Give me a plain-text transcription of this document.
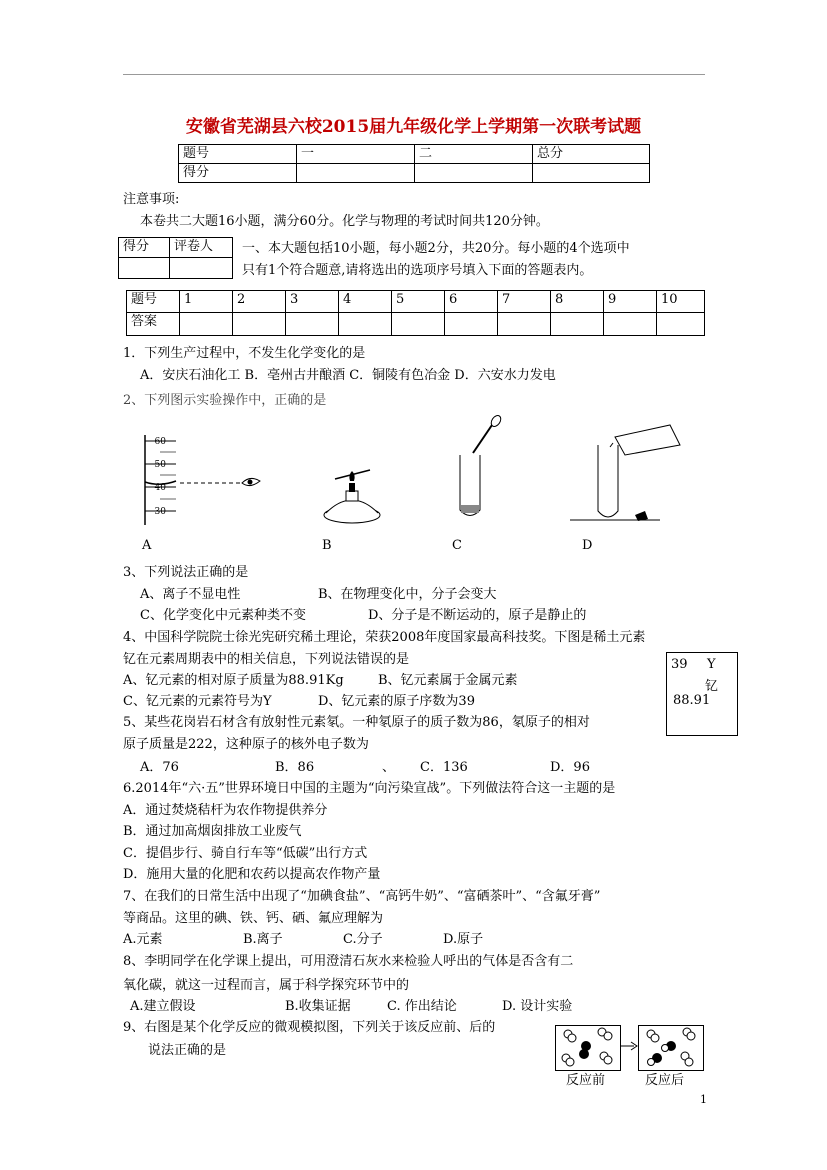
安徽省芜湖县六校2015届九年级化学上学期第一次联考试题
题号	一	二	总分
得分			
注意事项:
本卷共二大题16小题，满分60分。化学与物理的考试时间共120分钟。
得分	评卷人
	一、本大题包括10小题，每小题2分，共20分。每小题的4个选项中
只有1个符合题意,请将选出的选项序号填入下面的答题表内。
题号	1	2	3	4	5	6	7	8	9	10
答案										
1．下列生产过程中，不发生化学变化的是
A．安庆石油化工 B．亳州古井酿酒 C．铜陵有色冶金 D．六安水力发电
2、下列图示实验操作中，正确的是
60
50
40
30
A	B	C	D
3、下列说法正确的是
A、离子不显电性	B、在物理变化中，分子会变大
C、化学变化中元素种类不变	D、分子是不断运动的，原子是静止的
4、中国科学院院士徐光宪研究稀土理论，荣获2008年度国家最高科技奖。下图是稀土元素
钇在元素周期表中的相关信息，下列说法错误的是
A、钇元素的相对原子质量为88.91Kg	B、钇元素属于金属元素
C、钇元素的元素符号为Y	D、钇元素的原子序数为39
39 Y
钇
88.91
5、某些花岗岩石材含有放射性元素氡。一种氡原子的质子数为86，氡原子的相对
原子质量是222，这种原子的核外电子数为
A．76	B．86	、 C．136	D．96
6.2014年“六·五”世界环境日中国的主题为“向污染宣战”。下列做法符合这一主题的是
A．通过焚烧秸杆为农作物提供养分
B．通过加高烟囱排放工业废气
C．提倡步行、骑自行车等“低碳”出行方式
D．施用大量的化肥和农药以提高农作物产量
7、在我们的日常生活中出现了“加碘食盐”、“高钙牛奶”、“富硒茶叶”、“含氟牙膏”
等商品。这里的碘、铁、钙、硒、氟应理解为
A.元素	B.离子	C.分子	D.原子
8、李明同学在化学课上提出，可用澄清石灰水来检验人呼出的气体是否含有二
氧化碳，就这一过程而言，属于科学探究环节中的
A.建立假设	B.收集证据	C. 作出结论	D. 设计实验
9、右图是某个化学反应的微观模拟图，下列关于该反应前、后的
说法正确的是
反应前	反应后
1
